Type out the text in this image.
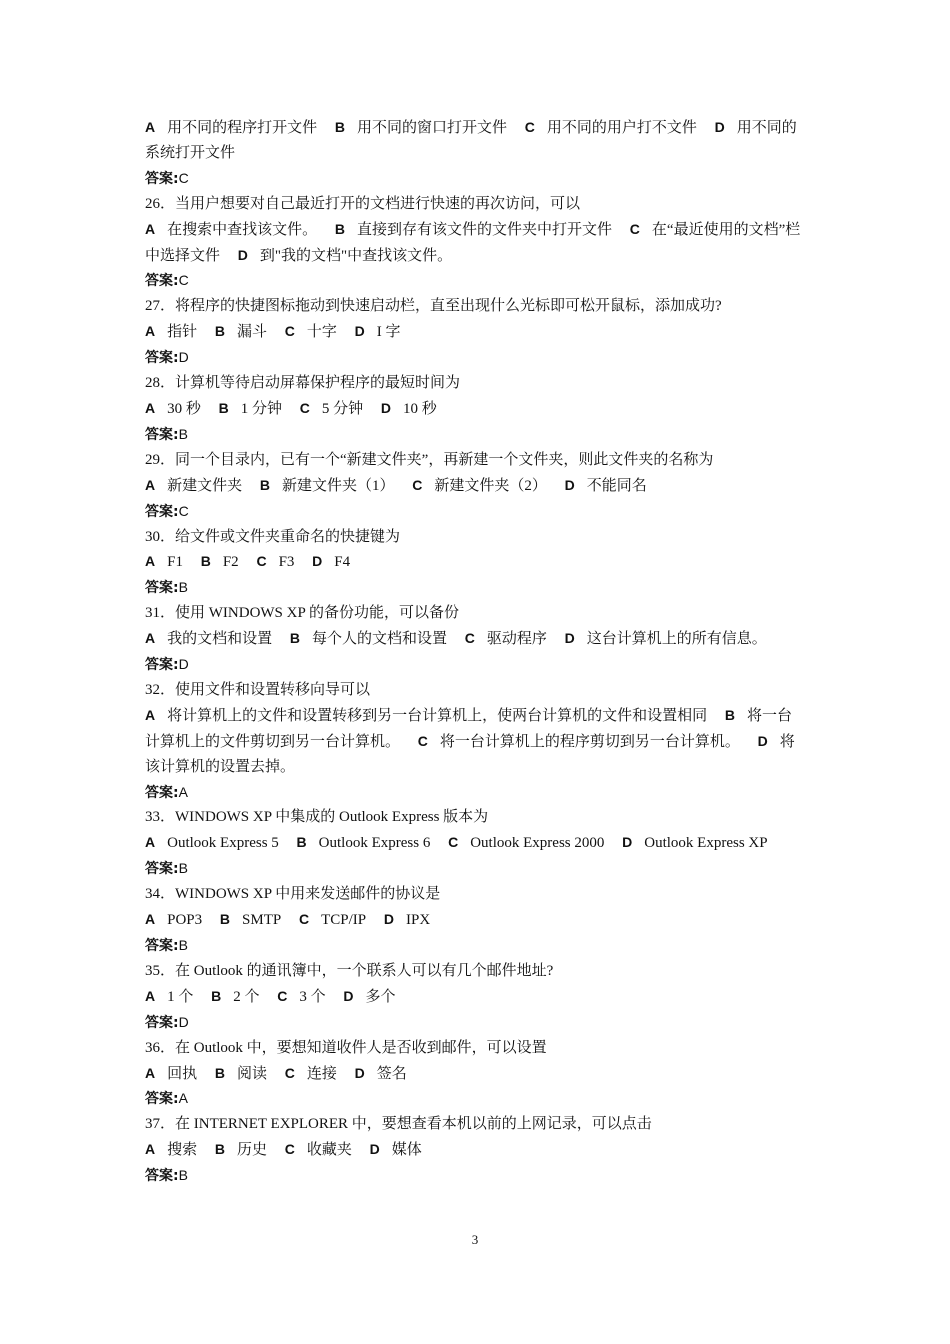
A 用不同的程序打开文件 B 用不同的窗口打开文件 C 用不同的用户打不文件 D 用不同的系统打开文件
答案:C
26．当用户想要对自己最近打开的文档进行快速的再次访问，可以
A 在搜索中查找该文件。 B 直接到存有该文件的文件夹中打开文件 C 在“最近使用的文档”栏中选择文件 D 到"我的文档"中查找该文件。
答案:C
27．将程序的快捷图标拖动到快速启动栏，直至出现什么光标即可松开鼠标，添加成功?
A 指针 B 漏斗 C 十字 D I 字
答案:D
28．计算机等待启动屏幕保护程序的最短时间为
A 30 秒 B 1 分钟 C 5 分钟 D 10 秒
答案:B
29．同一个目录内，已有一个“新建文件夹”，再新建一个文件夹，则此文件夹的名称为
A 新建文件夹 B 新建文件夹（1） C 新建文件夹（2） D 不能同名
答案:C
30．给文件或文件夹重命名的快捷键为
A F1 B F2 C F3 D F4
答案:B
31．使用 WINDOWS XP 的备份功能，可以备份
A 我的文档和设置 B 每个人的文档和设置 C 驱动程序 D 这台计算机上的所有信息。
答案:D
32．使用文件和设置转移向导可以
A 将计算机上的文件和设置转移到另一台计算机上，使两台计算机的文件和设置相同 B 将一台计算机上的文件剪切到另一台计算机。 C 将一台计算机上的程序剪切到另一台计算机。 D 将该计算机的设置去掉。
答案:A
33．WINDOWS XP 中集成的 Outlook Express 版本为
A Outlook Express 5 B Outlook Express 6 C Outlook Express 2000 D Outlook Express XP
答案:B
34．WINDOWS XP 中用来发送邮件的协议是
A POP3 B SMTP C TCP/IP D IPX
答案:B
35．在 Outlook 的通讯簿中，一个联系人可以有几个邮件地址?
A 1 个 B 2 个 C 3 个 D 多个
答案:D
36．在 Outlook 中，要想知道收件人是否收到邮件，可以设置
A 回执 B 阅读 C 连接 D 签名
答案:A
37．在 INTERNET EXPLORER 中，要想查看本机以前的上网记录，可以点击
A 搜索 B 历史 C 收藏夹 D 媒体
答案:B
3
